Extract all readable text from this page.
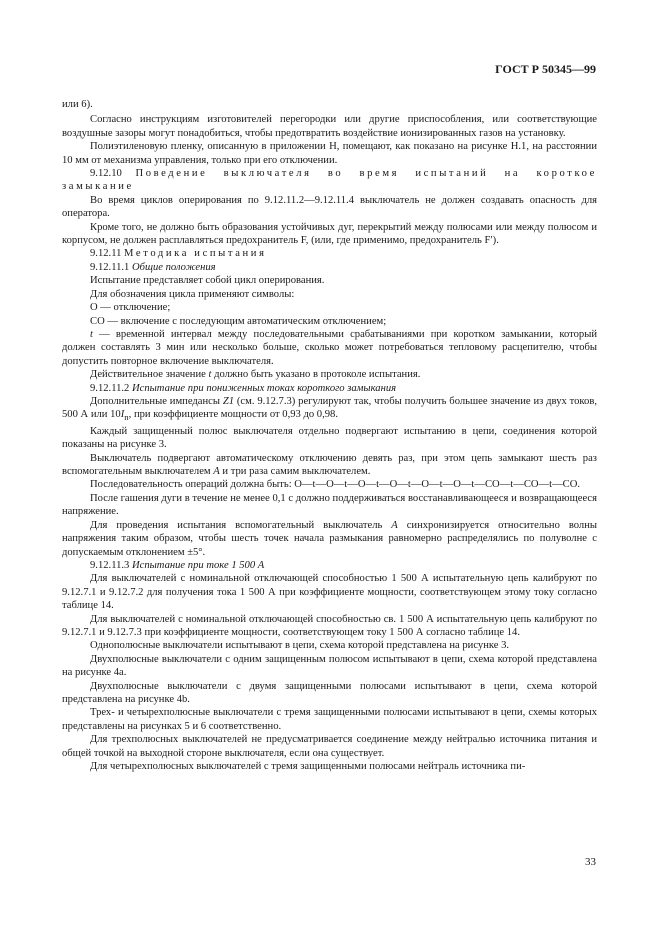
ГОСТ Р 50345—99

или 6).

Согласно инструкциям изготовителей перегородки или другие приспособления, или соответствующие воздушные зазоры могут понадобиться, чтобы предотвратить воздействие ионизированных газов на установку.

Полиэтиленовую пленку, описанную в приложении Н, помещают, как показано на рисунке Н.1, на расстоянии 10 мм от механизма управления, только при его отключении.

9.12.10 Поведение выключателя во время испытаний на короткое замыкание

Во время циклов оперирования по 9.12.11.2—9.12.11.4 выключатель не должен создавать опасность для оператора.

Кроме того, не должно быть образования устойчивых дуг, перекрытий между полюсами или между полюсом и корпусом, не должен расплавляться предохранитель F, (или, где применимо, предохранитель F′).

9.12.11 Методика испытания

9.12.11.1 Общие положения

Испытание представляет собой цикл оперирования.

Для обозначения цикла применяют символы:

О — отключение;

СО — включение с последующим автоматическим отключением;

t — временной интервал между последовательными срабатываниями при коротком замыкании, который должен составлять 3 мин или несколько больше, сколько может потребоваться тепловому расцепителю, чтобы допустить повторное включение выключателя.

Действительное значение t должно быть указано в протоколе испытания.

9.12.11.2 Испытание при пониженных токах короткого замыкания

Дополнительные импедансы Z1 (см. 9.12.7.3) регулируют так, чтобы получить большее значение из двух токов, 500 А или $10I_n$, при коэффициенте мощности от 0,93 до 0,98.

Каждый защищенный полюс выключателя отдельно подвергают испытанию в цепи, соединения которой показаны на рисунке 3.

Выключатель подвергают автоматическому отключению девять раз, при этом цепь замыкают шесть раз вспомогательным выключателем A и три раза самим выключателем.

Последовательность операций должна быть: О—t—О—t—О—t—О—t—О—t—О—t—СО—t—СО—t—СО.

После гашения дуги в течение не менее 0,1 с должно поддерживаться восстанавливающееся и возвращающееся напряжение.

Для проведения испытания вспомогательный выключатель A синхронизируется относительно волны напряжения таким образом, чтобы шесть точек начала размыкания равномерно распределялись по полуволне с допускаемым отклонением ±5°.

9.12.11.3 Испытание при токе 1 500 А

Для выключателей с номинальной отключающей способностью 1 500 А испытательную цепь калибруют по 9.12.7.1 и 9.12.7.2 для получения тока 1 500 А при коэффициенте мощности, соответствующем этому току согласно таблице 14.

Для выключателей с номинальной отключающей способностью св. 1 500 А испытательную цепь калибруют по 9.12.7.1 и 9.12.7.3 при коэффициенте мощности, соответствующем току 1 500 А согласно таблице 14.

Однополюсные выключатели испытывают в цепи, схема которой представлена на рисунке 3.

Двухполюсные выключатели с одним защищенным полюсом испытывают в цепи, схема которой представлена на рисунке 4а.

Двухполюсные выключатели с двумя защищенными полюсами испытывают в цепи, схема которой представлена на рисунке 4b.

Трех- и четырехполюсные выключатели с тремя защищенными полюсами испытывают в цепи, схемы которых представлены на рисунках 5 и 6 соответственно.

Для трехполюсных выключателей не предусматривается соединение между нейтралью источника питания и общей точкой на выходной стороне выключателя, если она существует.

Для четырехполюсных выключателей с тремя защищенными полюсами нейтраль источника пи-

33
